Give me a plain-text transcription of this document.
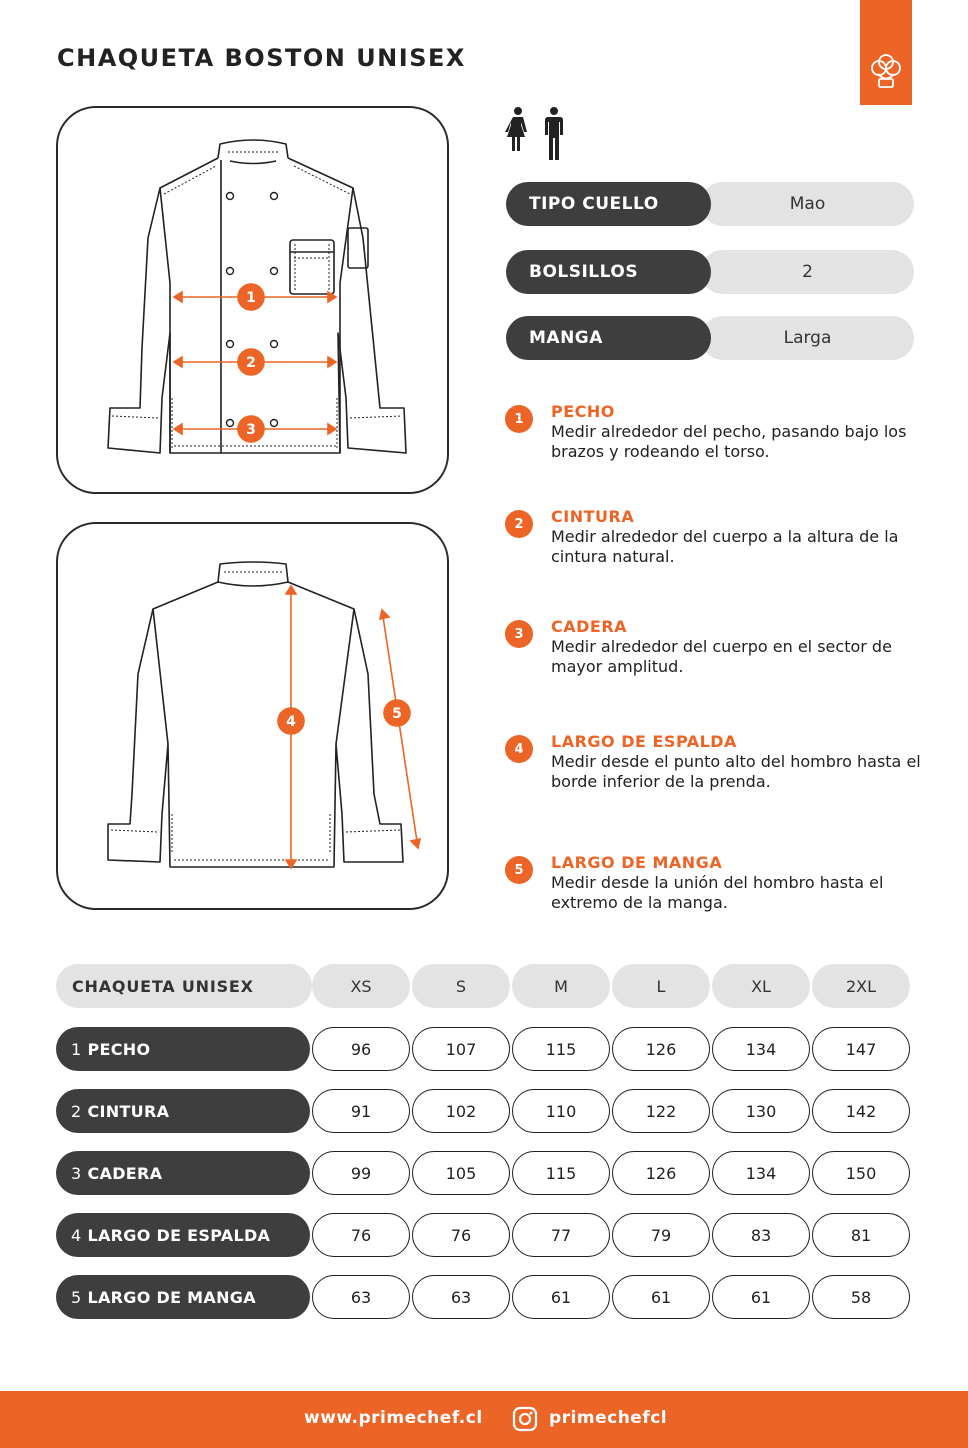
CHAQUETA BOSTON UNISEX
1
2
3
4	5
Mao
TIPO CUELLO
2
BOLSILLOS
Larga
MANGA
1	PECHO
Medir alrededor del pecho, pasando bajo los brazos y rodeando el torso.
2	CINTURA
Medir alrededor del cuerpo a la altura de la cintura natural.
3	CADERA
Medir alrededor del cuerpo en el sector de mayor amplitud.
4	LARGO DE ESPALDA
Medir desde el punto alto del hombro hasta el borde inferior de la prenda.
5	LARGO DE MANGA
Medir desde la unión del hombro hasta el extremo de la manga.
CHAQUETA UNISEX	XS	S	M	L	XL	2XL
1 PECHO	96	107	115	126	134	147
2 CINTURA	91	102	110	122	130	142
3 CADERA	99	105	115	126	134	150
4 LARGO DE ESPALDA	76	76	77	79	83	81
5 LARGO DE MANGA	63	63	61	61	61	58
www.primechef.cl	primechefcl
